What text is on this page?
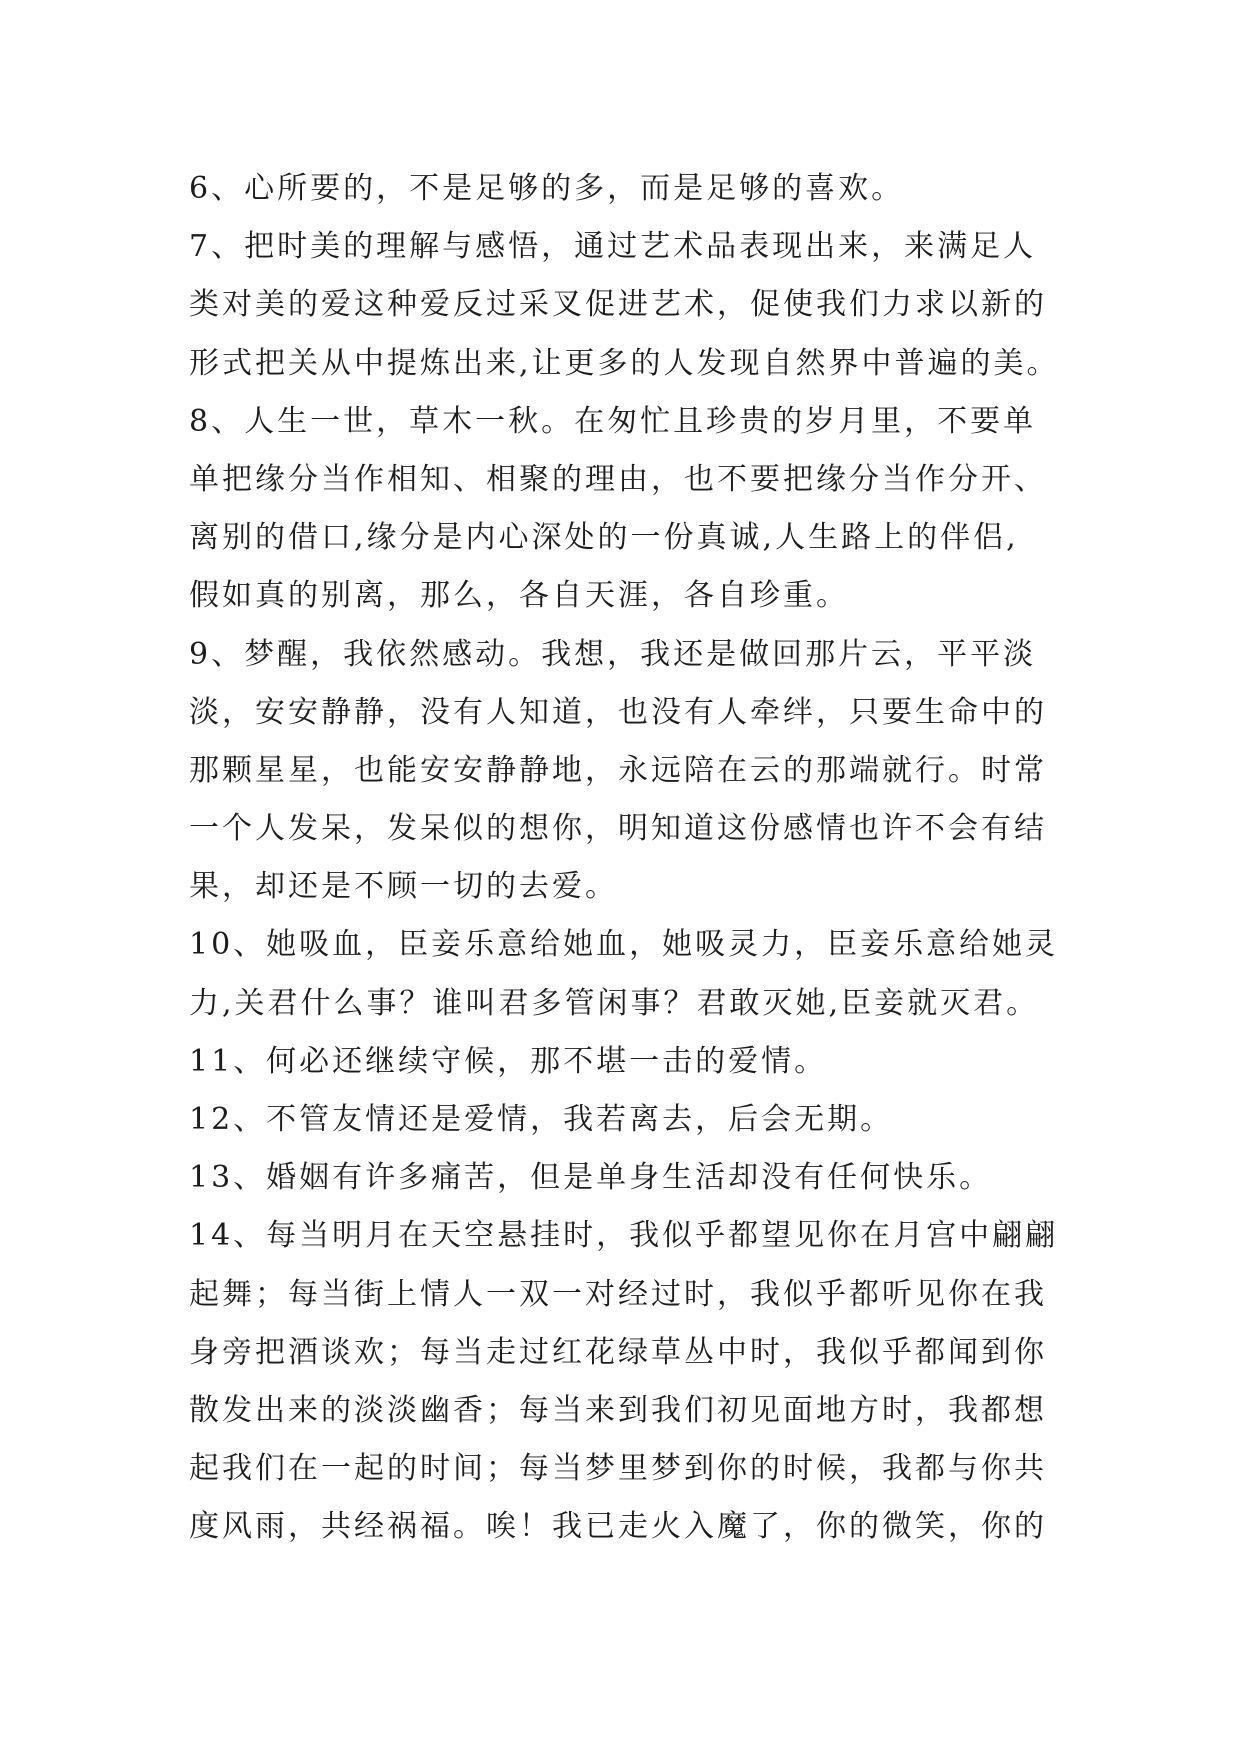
6、心所要的，不是足够的多，而是足够的喜欢。
7、把时美的理解与感悟，通过艺术品表现出来，来满足人
类对美的爱这种爱反过采叉促进艺术，促使我们力求以新的
形式把关从中提炼出来,让更多的人发现自然界中普遍的美。
8、人生一世，草木一秋。在匆忙且珍贵的岁月里，不要单
单把缘分当作相知、相聚的理由，也不要把缘分当作分开、
离别的借口,缘分是内心深处的一份真诚,人生路上的伴侣,
假如真的别离，那么，各自天涯，各自珍重。
9、梦醒，我依然感动。我想，我还是做回那片云，平平淡
淡，安安静静，没有人知道，也没有人牵绊，只要生命中的
那颗星星，也能安安静静地，永远陪在云的那端就行。时常
一个人发呆，发呆似的想你，明知道这份感情也许不会有结
果，却还是不顾一切的去爱。
10、她吸血，臣妾乐意给她血，她吸灵力，臣妾乐意给她灵
力,关君什么事？谁叫君多管闲事？君敢灭她,臣妾就灭君。
11、何必还继续守候，那不堪一击的爱情。
12、不管友情还是爱情，我若离去，后会无期。
13、婚姻有许多痛苦，但是单身生活却没有任何快乐。
14、每当明月在天空悬挂时，我似乎都望见你在月宫中翩翩
起舞；每当街上情人一双一对经过时，我似乎都听见你在我
身旁把酒谈欢；每当走过红花绿草丛中时，我似乎都闻到你
散发出来的淡淡幽香；每当来到我们初见面地方时，我都想
起我们在一起的时间；每当梦里梦到你的时候，我都与你共
度风雨，共经祸福。唉！我已走火入魔了，你的微笑，你的
